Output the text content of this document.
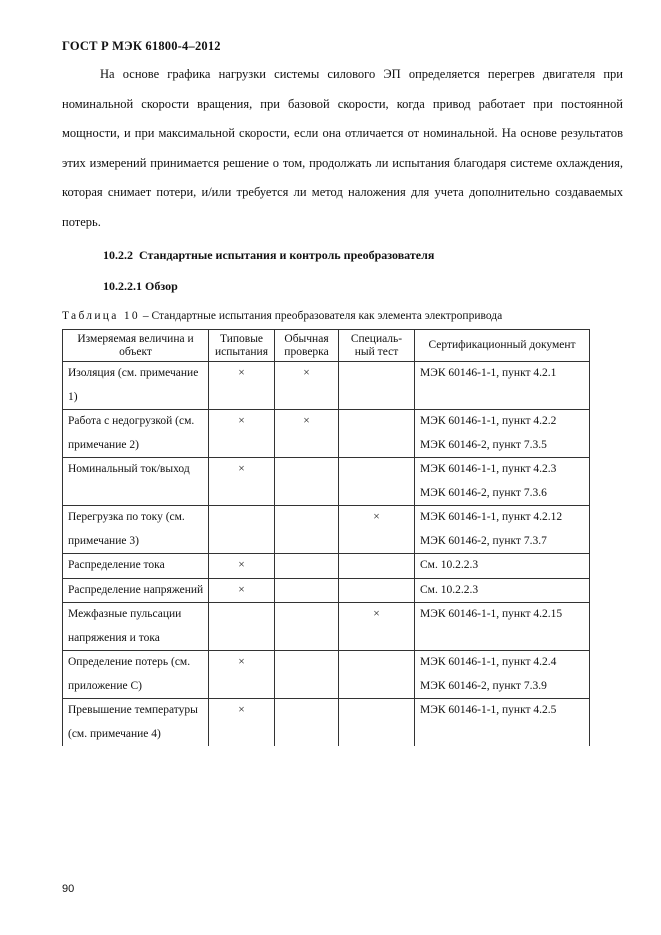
ГОСТ Р МЭК 61800-4–2012
На основе графика нагрузки системы силового ЭП определяется перегрев двигателя при номинальной скорости вращения, при базовой скорости, когда привод работает при постоянной мощности, и при максимальной скорости, если она отличается от номинальной. На основе результатов этих измерений принимается решение о том, продолжать ли испытания благодаря системе охлаждения, которая снимает потери, и/или требуется ли метод наложения для учета дополнительно создаваемых потерь.
10.2.2 Стандартные испытания и контроль преобразователя
10.2.2.1 Обзор
Таблица 10 – Стандартные испытания преобразователя как элемента электропривода
Измеряемая величина и объект	Типовые испытания	Обычная проверка	Специаль-ный тест	Сертификационный документ
Изоляция (см. примечание 1)	×	×		МЭК 60146-1-1, пункт 4.2.1

Работа с недогрузкой (см. примечание 2)	×	×		МЭК 60146-1-1, пункт 4.2.2
МЭК 60146-2, пункт 7.3.5

Номинальный ток/выход	×			МЭК 60146-1-1, пункт 4.2.3
МЭК 60146-2, пункт 7.3.6

Перегрузка по току (см. примечание 3)			×	МЭК 60146-1-1, пункт 4.2.12
МЭК 60146-2, пункт 7.3.7

Распределение тока	×			См. 10.2.2.3

Распределение напряжений	×			См. 10.2.2.3

Межфазные пульсации напряжения и тока			×	МЭК 60146-1-1, пункт 4.2.15

Определение потерь (см. приложение С)	×			МЭК 60146-1-1, пункт 4.2.4
МЭК 60146-2, пункт 7.3.9

Превышение температуры (см. примечание 4)	×			МЭК 60146-1-1, пункт 4.2.5
90
